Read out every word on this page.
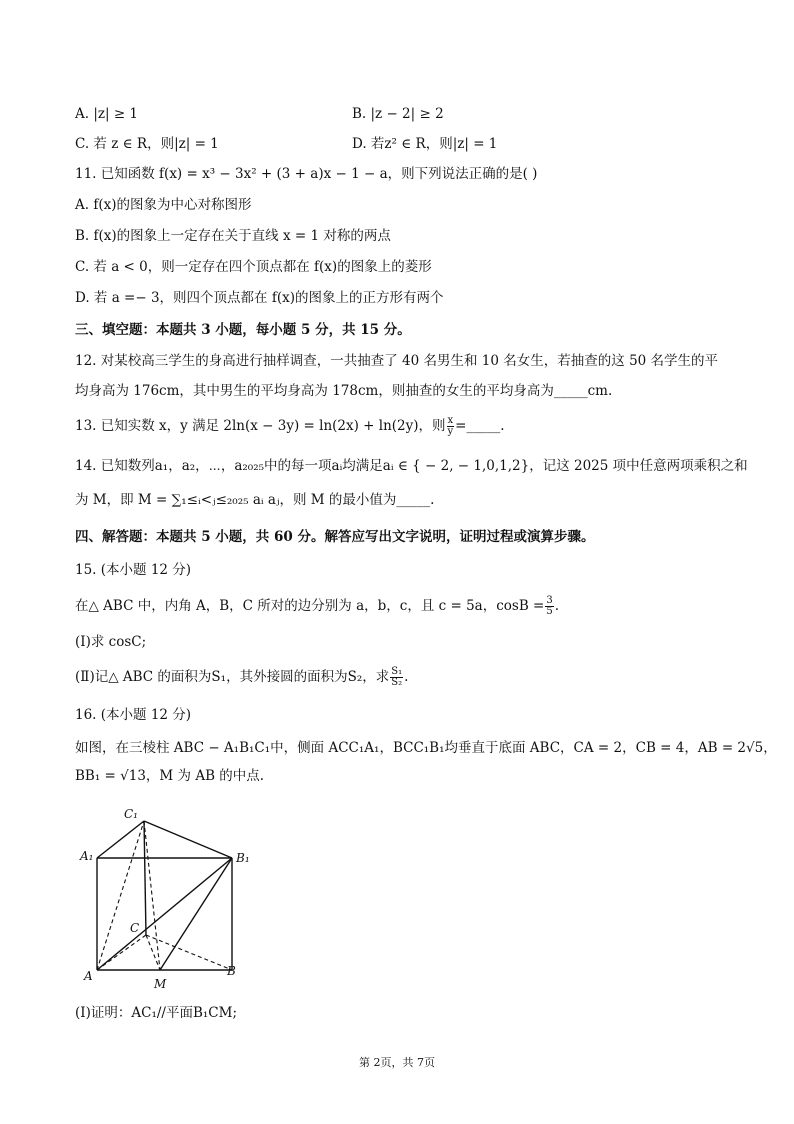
A. |z| ≥ 1	B. |z − 2| ≥ 2
C. 若 z ∈ R，则|z| = 1	D. 若z² ∈ R，则|z| = 1
11. 已知函数 f(x) = x³ − 3x² + (3 + a)x − 1 − a，则下列说法正确的是( )
A. f(x)的图象为中心对称图形
B. f(x)的图象上一定存在关于直线 x = 1 对称的两点
C. 若 a < 0，则一定存在四个顶点都在 f(x)的图象上的菱形
D. 若 a =− 3，则四个顶点都在 f(x)的图象上的正方形有两个
三、填空题：本题共 3 小题，每小题 5 分，共 15 分。
12. 对某校高三学生的身高进行抽样调查，一共抽查了 40 名男生和 10 名女生，若抽查的这 50 名学生的平
均身高为 176cm，其中男生的平均身高为 178cm，则抽查的女生的平均身高为_____cm.
13. 已知实数 x，y 满足 2ln(x − 3y) = ln(2x) + ln(2y)，则 $\frac{x}{y}$ =_____.
14. 已知数列a₁，a₂，⋯，a₂₀₂₅中的每一项aᵢ均满足aᵢ ∈ { − 2, − 1,0,1,2}，记这 2025 项中任意两项乘积之和
为 M，即 M = ∑₁≤ᵢ<ⱼ≤₂₀₂₅ aᵢ aⱼ，则 M 的最小值为_____.
四、解答题：本题共 5 小题，共 60 分。解答应写出文字说明，证明过程或演算步骤。
15. (本小题 12 分)
在△ ABC 中，内角 A，B，C 所对的边分别为 a，b，c，且 c = 5a，$\cos B = \frac{3}{5}$ .
(Ⅰ)求 cosC;
(Ⅱ)记△ ABC 的面积为S₁，其外接圆的面积为S₂，求 $\frac{\text{S₁}}{\text{S₂}}$ .
16. (本小题 12 分)
如图，在三棱柱 ABC − A₁B₁C₁中，侧面 ACC₁A₁，BCC₁B₁均垂直于底面 ABC，CA = 2，CB = 4，AB = 2√5，
BB₁ = √13，M 为 AB 的中点.
C₁
A₁	B₁
C
A
M
B
(Ⅰ)证明：AC₁//平面B₁CM;
第 2页，共 7页
